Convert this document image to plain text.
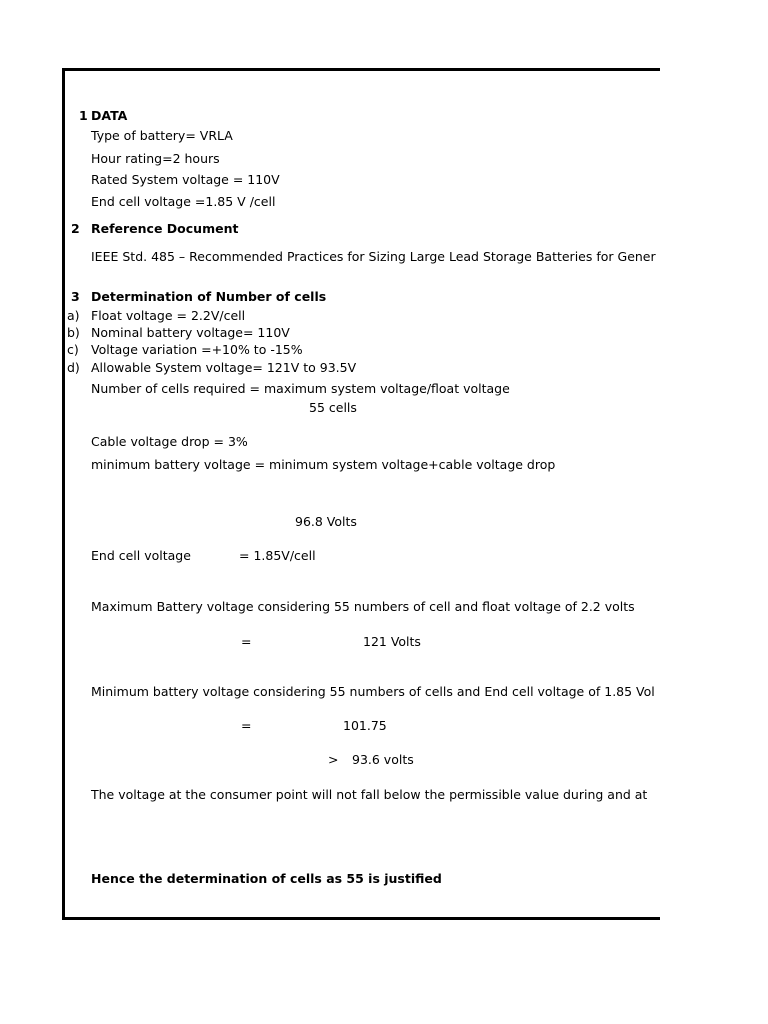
1 DATA
Type of battery= VRLA
Hour rating=2 hours
Rated System voltage = 110V
End cell voltage =1.85 V /cell
2 Reference Document
IEEE Std. 485 – Recommended Practices for Sizing Large Lead Storage Batteries for Gener
3 Determination of Number of cells
a) Float voltage = 2.2V/cell
b) Nominal battery voltage= 110V
c) Voltage variation =+10% to -15%
d) Allowable System voltage= 121V to 93.5V
Number of cells required = maximum system voltage/float voltage
55 cells
Cable voltage drop = 3%
minimum battery voltage = minimum system voltage+cable voltage drop
96.8 Volts
End cell voltage	= 1.85V/cell
Maximum Battery voltage considering 55 numbers of cell and float voltage of 2.2 volts
=	121 Volts
Minimum battery voltage considering 55 numbers of cells and End cell voltage of 1.85 Vol
=	101.75
> 93.6 volts
The voltage at the consumer point will not fall below the permissible value during and at
Hence the determination of cells as 55 is justified
